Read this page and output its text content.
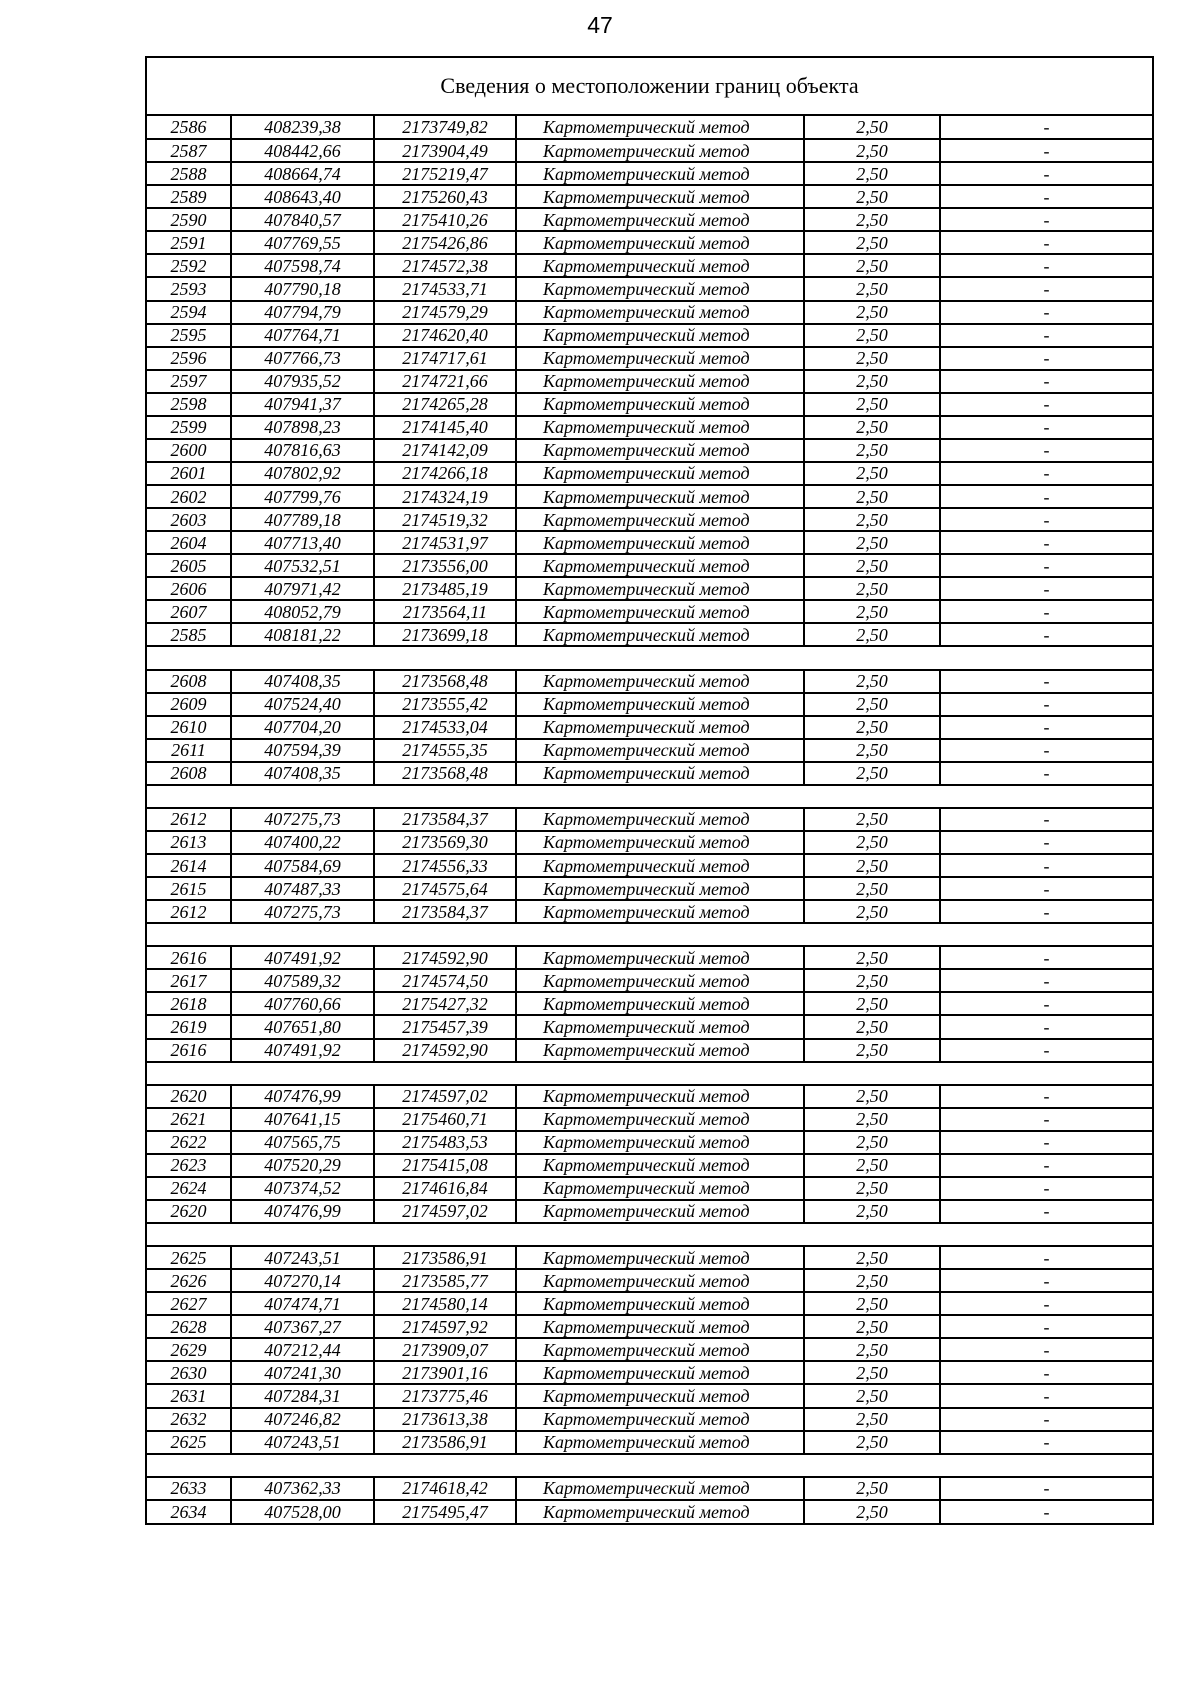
47
Сведения о местоположении границ объекта
2586	408239,38	2173749,82	Картометрический метод	2,50	-
2587	408442,66	2173904,49	Картометрический метод	2,50	-
2588	408664,74	2175219,47	Картометрический метод	2,50	-
2589	408643,40	2175260,43	Картометрический метод	2,50	-
2590	407840,57	2175410,26	Картометрический метод	2,50	-
2591	407769,55	2175426,86	Картометрический метод	2,50	-
2592	407598,74	2174572,38	Картометрический метод	2,50	-
2593	407790,18	2174533,71	Картометрический метод	2,50	-
2594	407794,79	2174579,29	Картометрический метод	2,50	-
2595	407764,71	2174620,40	Картометрический метод	2,50	-
2596	407766,73	2174717,61	Картометрический метод	2,50	-
2597	407935,52	2174721,66	Картометрический метод	2,50	-
2598	407941,37	2174265,28	Картометрический метод	2,50	-
2599	407898,23	2174145,40	Картометрический метод	2,50	-
2600	407816,63	2174142,09	Картометрический метод	2,50	-
2601	407802,92	2174266,18	Картометрический метод	2,50	-
2602	407799,76	2174324,19	Картометрический метод	2,50	-
2603	407789,18	2174519,32	Картометрический метод	2,50	-
2604	407713,40	2174531,97	Картометрический метод	2,50	-
2605	407532,51	2173556,00	Картометрический метод	2,50	-
2606	407971,42	2173485,19	Картометрический метод	2,50	-
2607	408052,79	2173564,11	Картометрический метод	2,50	-
2585	408181,22	2173699,18	Картометрический метод	2,50	-

2608	407408,35	2173568,48	Картометрический метод	2,50	-
2609	407524,40	2173555,42	Картометрический метод	2,50	-
2610	407704,20	2174533,04	Картометрический метод	2,50	-
2611	407594,39	2174555,35	Картометрический метод	2,50	-
2608	407408,35	2173568,48	Картометрический метод	2,50	-

2612	407275,73	2173584,37	Картометрический метод	2,50	-
2613	407400,22	2173569,30	Картометрический метод	2,50	-
2614	407584,69	2174556,33	Картометрический метод	2,50	-
2615	407487,33	2174575,64	Картометрический метод	2,50	-
2612	407275,73	2173584,37	Картометрический метод	2,50	-

2616	407491,92	2174592,90	Картометрический метод	2,50	-
2617	407589,32	2174574,50	Картометрический метод	2,50	-
2618	407760,66	2175427,32	Картометрический метод	2,50	-
2619	407651,80	2175457,39	Картометрический метод	2,50	-
2616	407491,92	2174592,90	Картометрический метод	2,50	-

2620	407476,99	2174597,02	Картометрический метод	2,50	-
2621	407641,15	2175460,71	Картометрический метод	2,50	-
2622	407565,75	2175483,53	Картометрический метод	2,50	-
2623	407520,29	2175415,08	Картометрический метод	2,50	-
2624	407374,52	2174616,84	Картометрический метод	2,50	-
2620	407476,99	2174597,02	Картометрический метод	2,50	-

2625	407243,51	2173586,91	Картометрический метод	2,50	-
2626	407270,14	2173585,77	Картометрический метод	2,50	-
2627	407474,71	2174580,14	Картометрический метод	2,50	-
2628	407367,27	2174597,92	Картометрический метод	2,50	-
2629	407212,44	2173909,07	Картометрический метод	2,50	-
2630	407241,30	2173901,16	Картометрический метод	2,50	-
2631	407284,31	2173775,46	Картометрический метод	2,50	-
2632	407246,82	2173613,38	Картометрический метод	2,50	-
2625	407243,51	2173586,91	Картометрический метод	2,50	-

2633	407362,33	2174618,42	Картометрический метод	2,50	-
2634	407528,00	2175495,47	Картометрический метод	2,50	-
